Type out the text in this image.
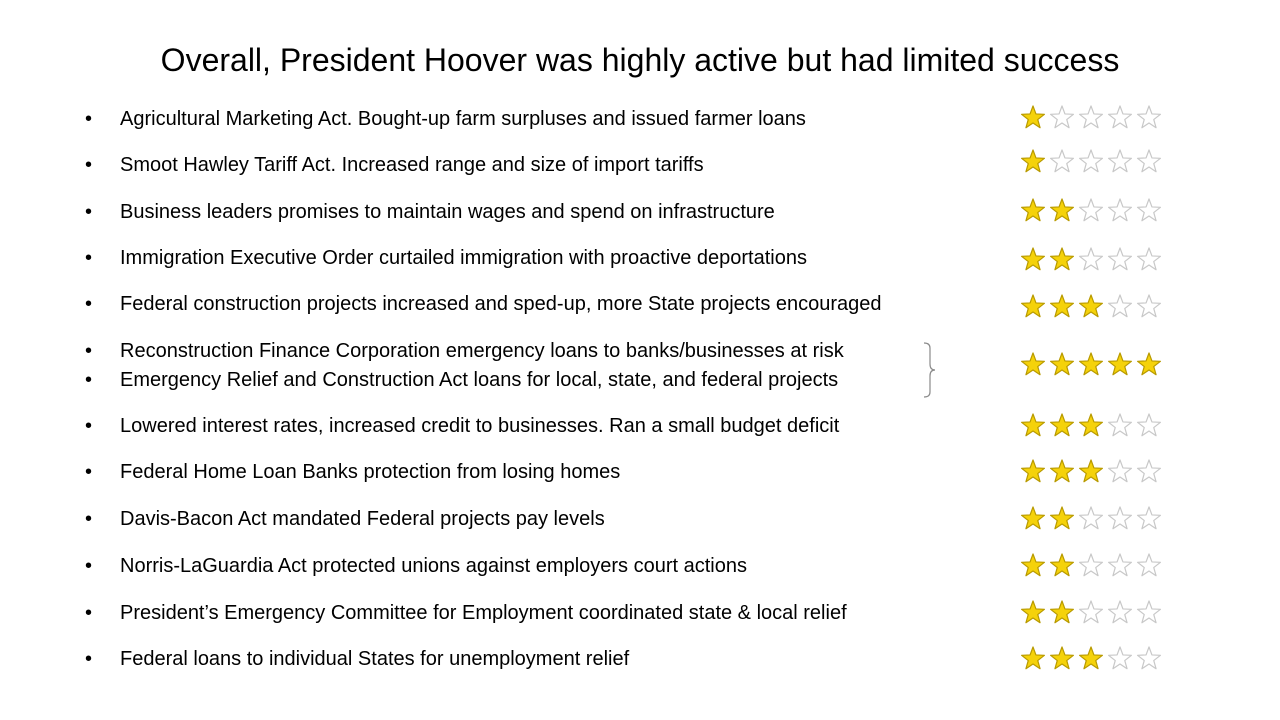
Overall, President Hoover was highly active but had limited success
•	Agricultural Marketing Act. Bought-up farm surpluses and issued farmer loans
•	Smoot Hawley Tariff Act. Increased range and size of import tariffs
•	Business leaders promises to maintain wages and spend on infrastructure
•	Immigration Executive Order curtailed immigration with proactive deportations
•	Federal construction projects increased and sped-up, more State projects encouraged
•	Reconstruction Finance Corporation emergency loans to banks/businesses at risk
•	Emergency Relief and Construction Act loans for local, state, and federal projects
•	Lowered interest rates, increased credit to businesses. Ran a small budget deficit
•	Federal Home Loan Banks protection from losing homes
•	Davis-Bacon Act mandated Federal projects pay levels
•	Norris-LaGuardia Act protected unions against employers court actions
•	President’s Emergency Committee for Employment coordinated state & local relief
•	Federal loans to individual States for unemployment relief
